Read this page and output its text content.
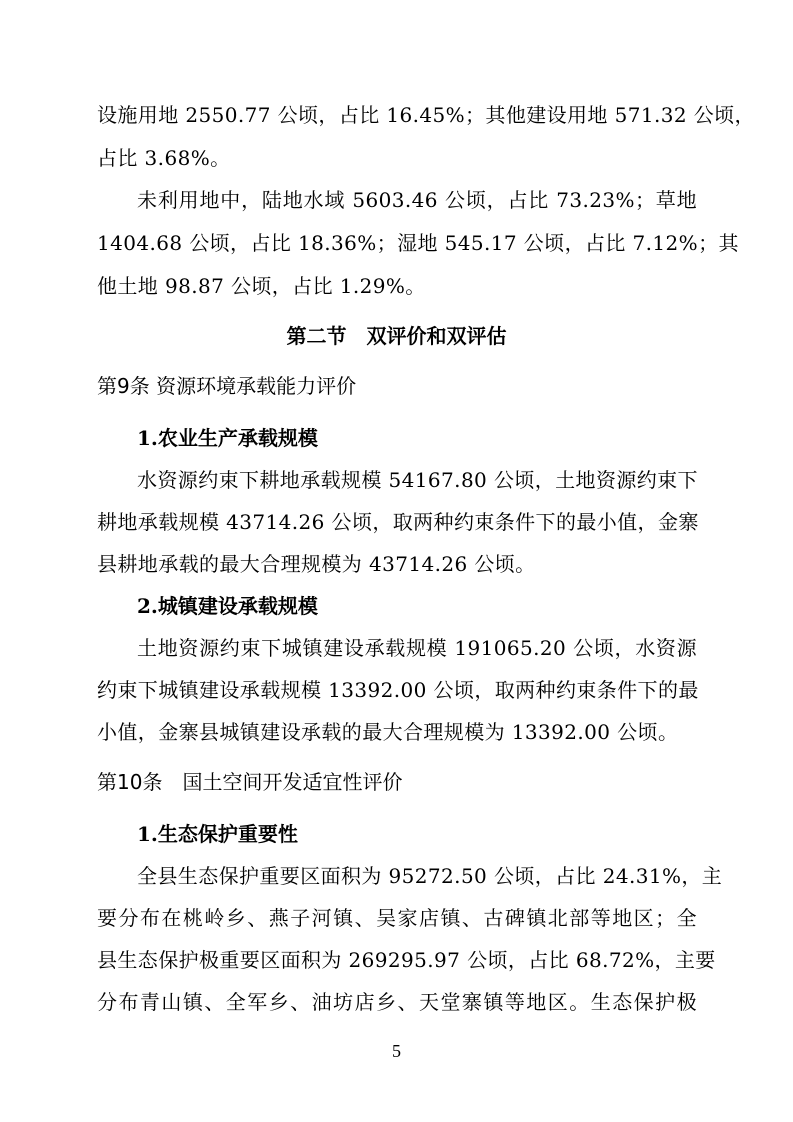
设施用地 2550.77 公顷，占比 16.45%；其他建设用地 571.32 公顷，
占比 3.68%。
未利用地中，陆地水域 5603.46 公顷，占比 73.23%；草地
1404.68 公顷，占比 18.36%；湿地 545.17 公顷，占比 7.12%；其
他土地 98.87 公顷，占比 1.29%。
第二节　双评价和双评估
第9条 资源环境承载能力评价
1.农业生产承载规模
水资源约束下耕地承载规模 54167.80 公顷，土地资源约束下
耕地承载规模 43714.26 公顷，取两种约束条件下的最小值，金寨
县耕地承载的最大合理规模为 43714.26 公顷。
2.城镇建设承载规模
土地资源约束下城镇建设承载规模 191065.20 公顷，水资源
约束下城镇建设承载规模 13392.00 公顷，取两种约束条件下的最
小值，金寨县城镇建设承载的最大合理规模为 13392.00 公顷。
第10条　国土空间开发适宜性评价
1.生态保护重要性
全县生态保护重要区面积为 95272.50 公顷，占比 24.31%，主
要分布在桃岭乡、燕子河镇、吴家店镇、古碑镇北部等地区；全
县生态保护极重要区面积为 269295.97 公顷，占比 68.72%，主要
分布青山镇、全军乡、油坊店乡、天堂寨镇等地区。生态保护极
5
